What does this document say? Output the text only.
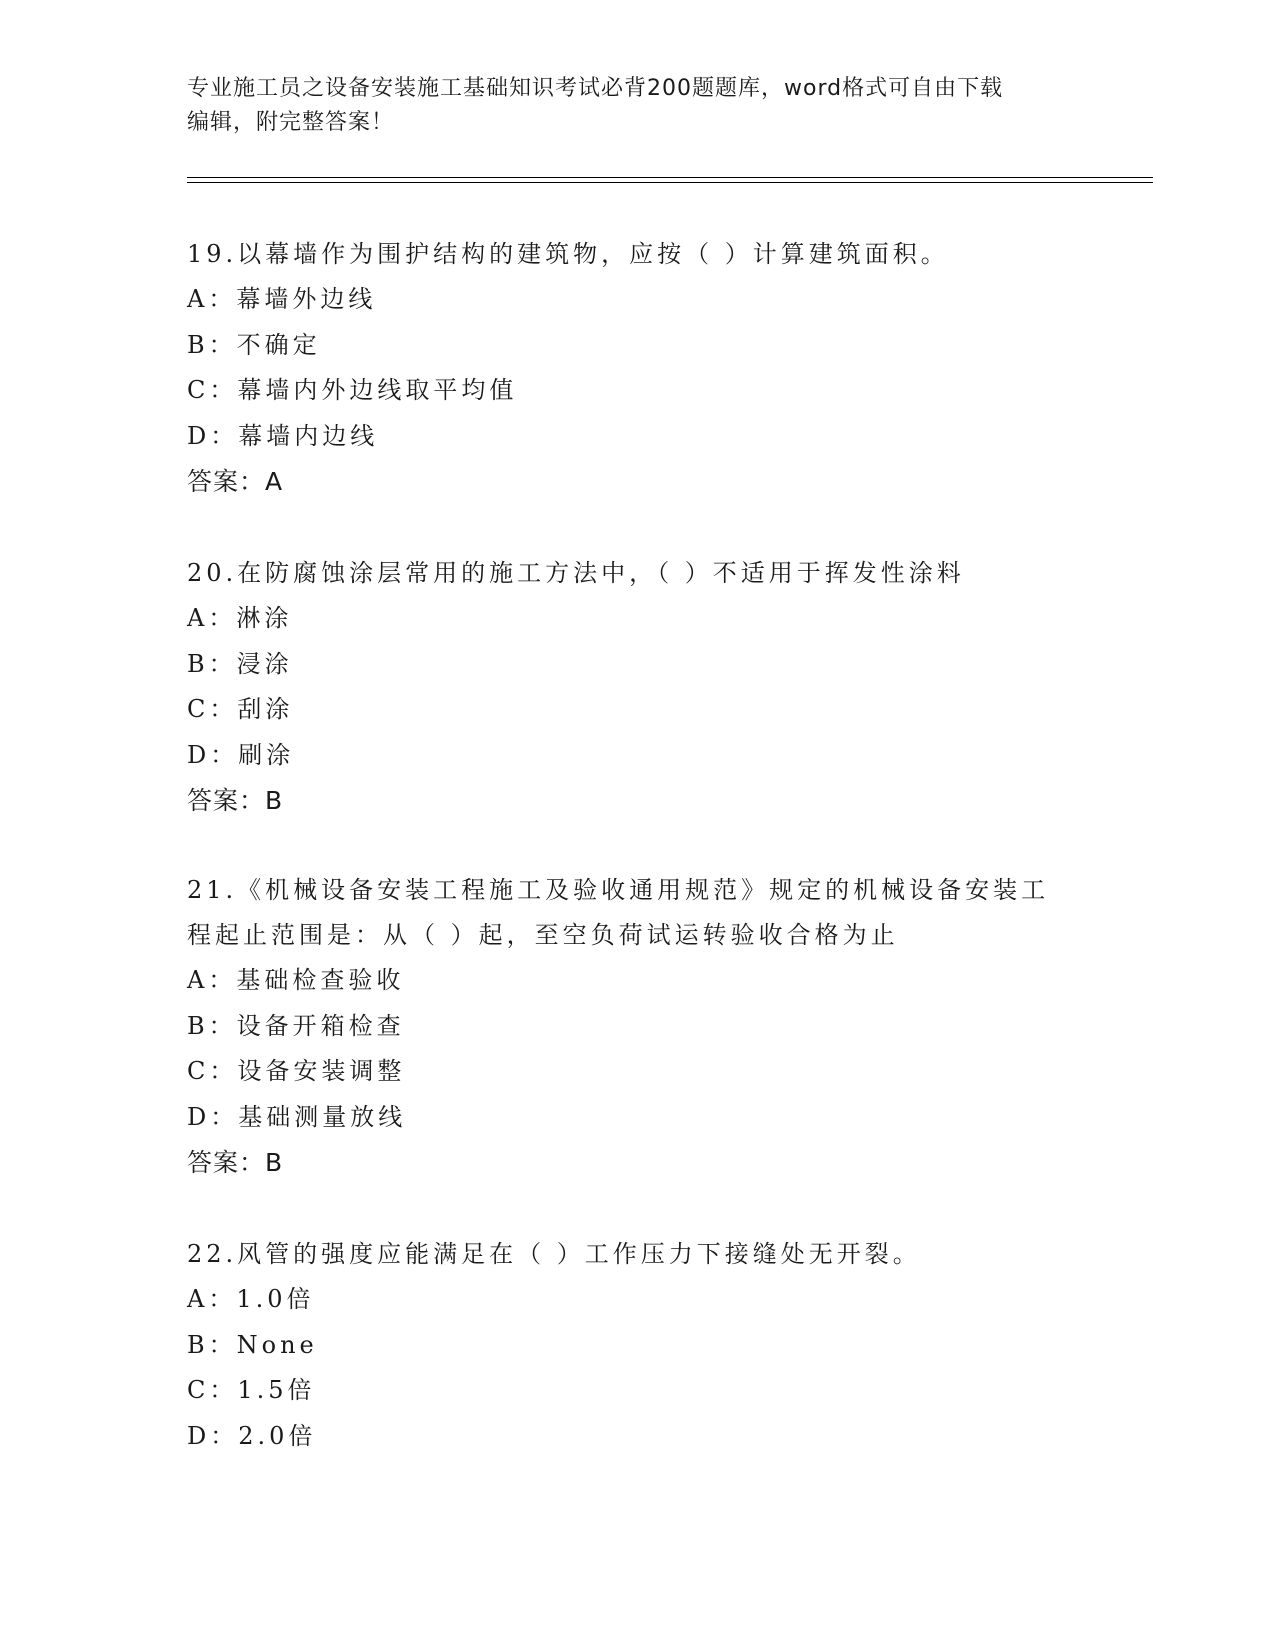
专业施工员之设备安装施工基础知识考试必背200题题库，word格式可自由下载
编辑，附完整答案！
19.以幕墙作为围护结构的建筑物，应按（ ）计算建筑面积。
A：幕墙外边线
B：不确定
C：幕墙内外边线取平均值
D：幕墙内边线
答案：A
20.在防腐蚀涂层常用的施工方法中，（ ）不适用于挥发性涂料
A：淋涂
B：浸涂
C：刮涂
D：刷涂
答案：B
21.《机械设备安装工程施工及验收通用规范》规定的机械设备安装工
程起止范围是：从（ ）起，至空负荷试运转验收合格为止
A：基础检查验收
B：设备开箱检查
C：设备安装调整
D：基础测量放线
答案：B
22.风管的强度应能满足在（ ）工作压力下接缝处无开裂。
A：1.0倍
B：None
C：1.5倍
D：2.0倍
